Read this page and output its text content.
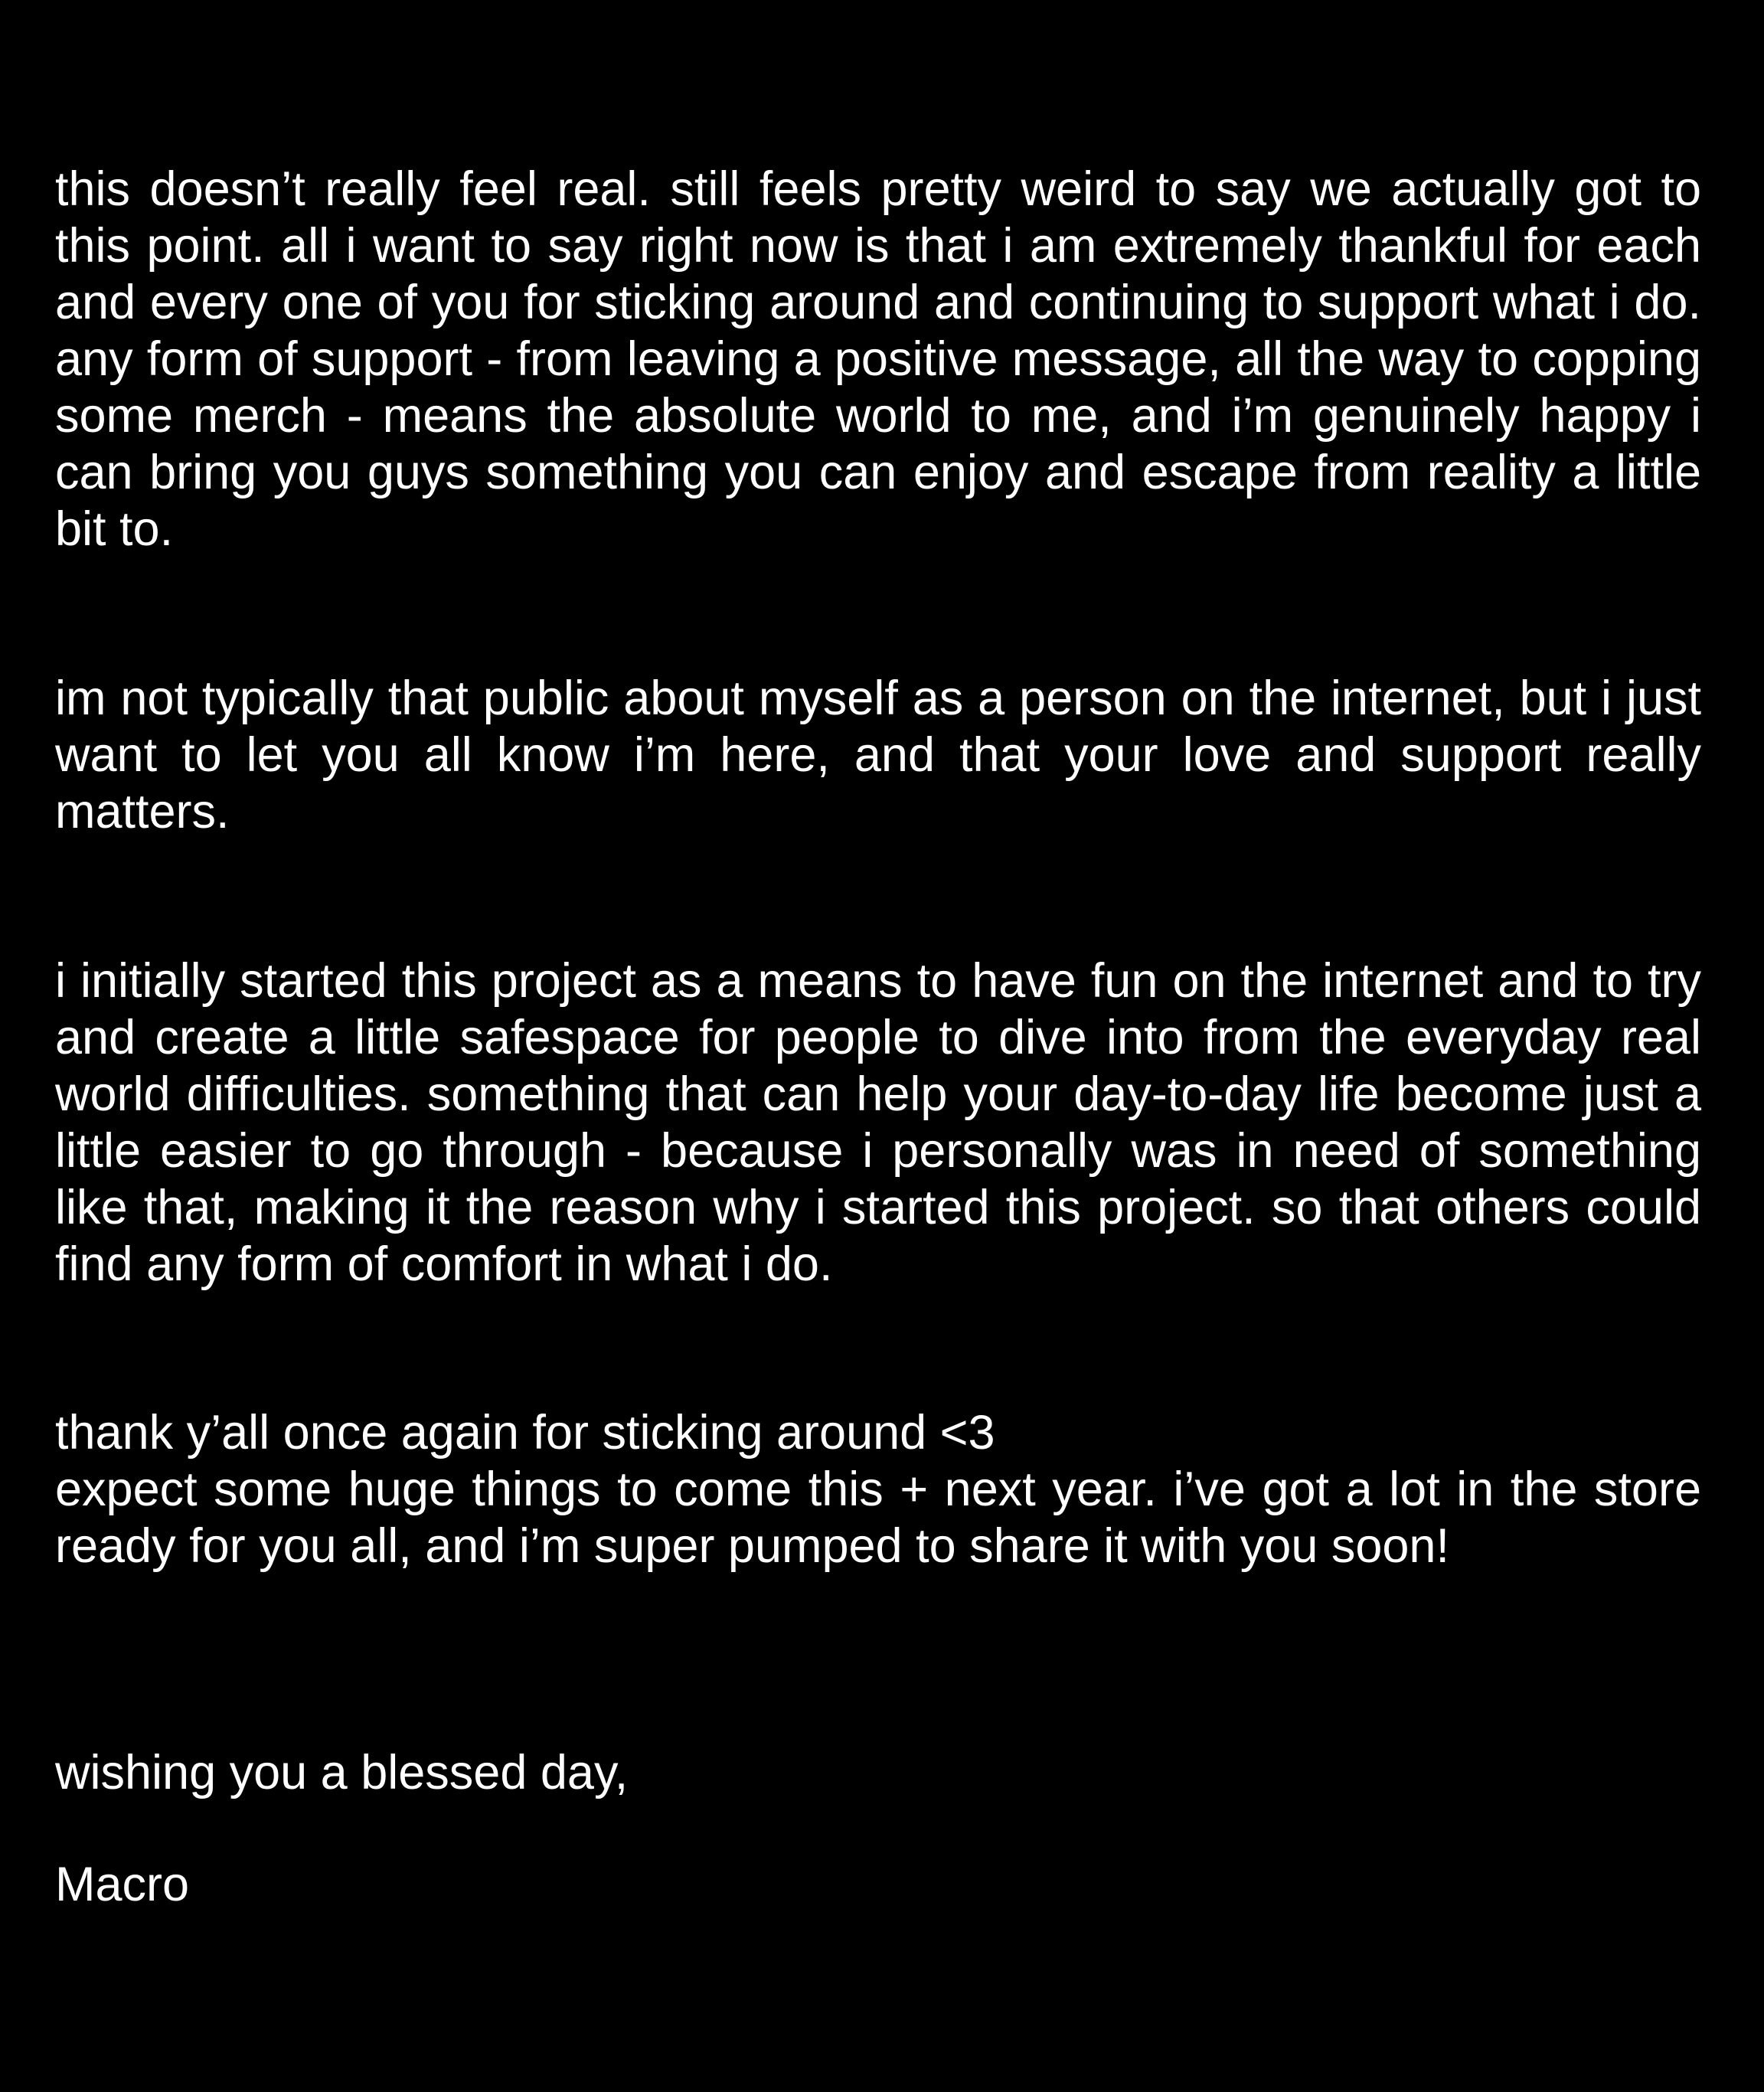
this doesn’t really feel real. still feels pretty weird to say we actually got to this point. all i want to say right now is that i am extremely thankful for each and every one of you for sticking around and continuing to support what i do. any form of support - from leaving a positive message, all the way to copping some merch - means the absolute world to me, and i’m genuinely happy i can bring you guys something you can enjoy and escape from reality a little bit to.

im not typically that public about myself as a person on the internet, but i just want to let you all know i’m here, and that your love and support really matters.

i initially started this project as a means to have fun on the internet and to try and create a little safespace for people to dive into from the everyday real world difficulties. something that can help your day-to-day life become just a little easier to go through - because i personally was in need of something like that, making it the reason why i started this project. so that others could find any form of comfort in what i do.

thank y’all once again for sticking around <3
expect some huge things to come this + next year. i’ve got a lot in the store ready for you all, and i’m super pumped to share it with you soon!

wishing you a blessed day,

Macro
